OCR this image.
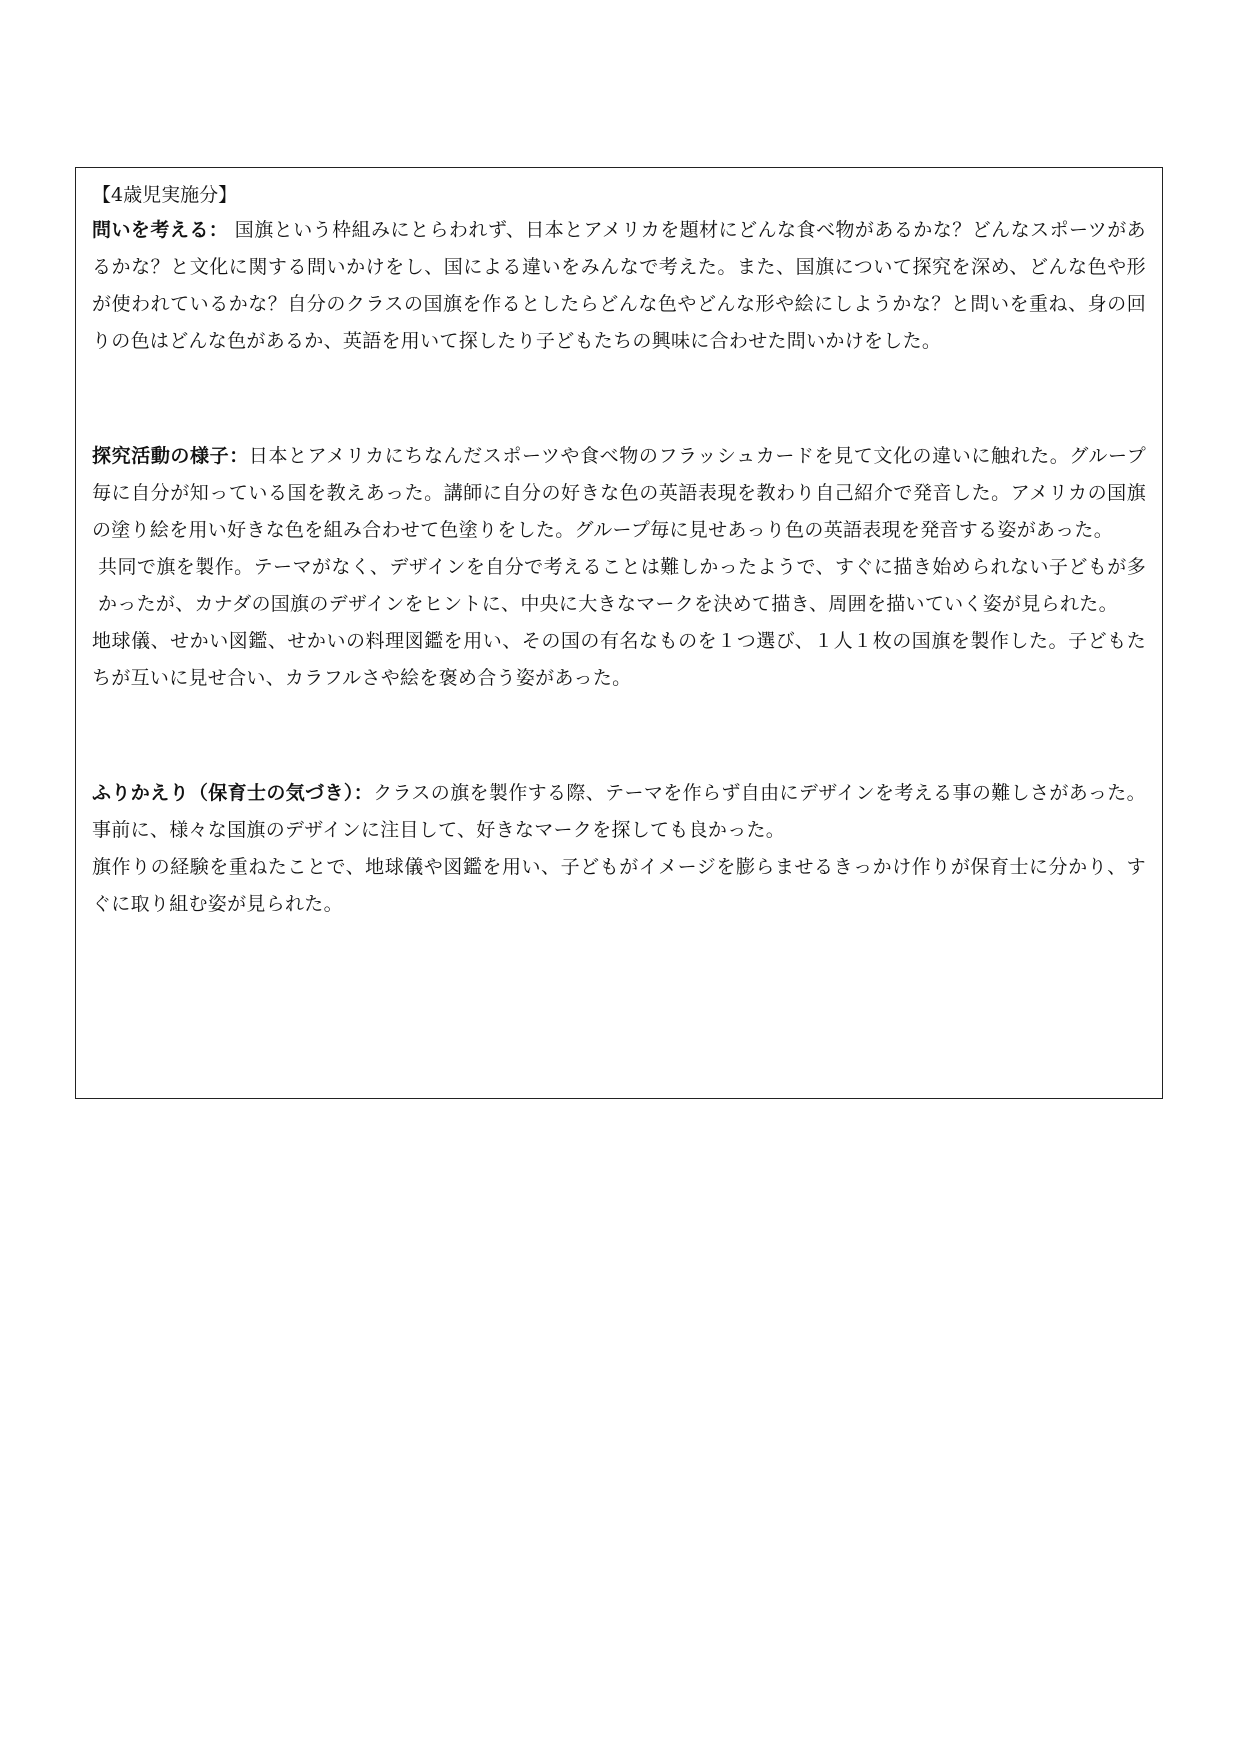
【4歳児実施分】

問いを考える： 国旗という枠組みにとらわれず、日本とアメリカを題材にどんな食べ物があるかな？どんなスポーツがあるかな？と文化に関する問いかけをし、国による違いをみんなで考えた。また、国旗について探究を深め、どんな色や形が使われているかな？自分のクラスの国旗を作るとしたらどんな色やどんな形や絵にしようかな？と問いを重ね、身の回りの色はどんな色があるか、英語を用いて探したり子どもたちの興味に合わせた問いかけをした。

探究活動の様子：日本とアメリカにちなんだスポーツや食べ物のフラッシュカードを見て文化の違いに触れた。グループ毎に自分が知っている国を教えあった。講師に自分の好きな色の英語表現を教わり自己紹介で発音した。アメリカの国旗の塗り絵を用い好きな色を組み合わせて色塗りをした。グループ毎に見せあっり色の英語表現を発音する姿があった。

共同で旗を製作。テーマがなく、デザインを自分で考えることは難しかったようで、すぐに描き始められない子どもが多かったが、カナダの国旗のデザインをヒントに、中央に大きなマークを決めて描き、周囲を描いていく姿が見られた。

地球儀、せかい図鑑、せかいの料理図鑑を用い、その国の有名なものを１つ選び、１人１枚の国旗を製作した。子どもたちが互いに見せ合い、カラフルさや絵を褒め合う姿があった。

ふりかえり（保育士の気づき）：クラスの旗を製作する際、テーマを作らず自由にデザインを考える事の難しさがあった。事前に、様々な国旗のデザインに注目して、好きなマークを探しても良かった。

旗作りの経験を重ねたことで、地球儀や図鑑を用い、子どもがイメージを膨らませるきっかけ作りが保育士に分かり、すぐに取り組む姿が見られた。
